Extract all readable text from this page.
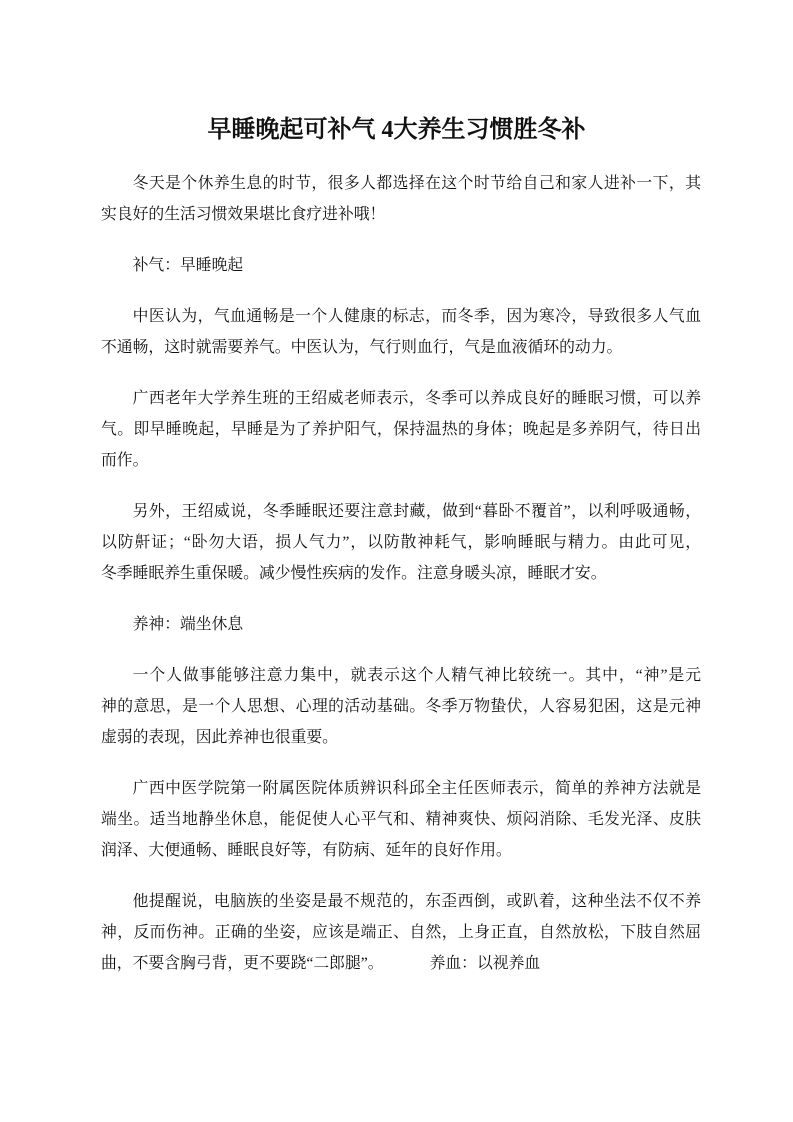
早睡晚起可补气 4大养生习惯胜冬补
冬天是个休养生息的时节，很多人都选择在这个时节给自己和家人进补一下，其
实良好的生活习惯效果堪比食疗进补哦！
补气：早睡晚起
中医认为，气血通畅是一个人健康的标志，而冬季，因为寒冷，导致很多人气血
不通畅，这时就需要养气。中医认为，气行则血行，气是血液循环的动力。
广西老年大学养生班的王绍威老师表示，冬季可以养成良好的睡眠习惯，可以养
气。即早睡晚起，早睡是为了养护阳气，保持温热的身体；晚起是多养阴气，待日出
而作。
另外，王绍威说，冬季睡眠还要注意封藏，做到“暮卧不覆首”，以利呼吸通畅，
以防鼾证；“卧勿大语，损人气力”，以防散神耗气，影响睡眠与精力。由此可见，
冬季睡眠养生重保暖。减少慢性疾病的发作。注意身暖头凉，睡眠才安。
养神：端坐休息
一个人做事能够注意力集中，就表示这个人精气神比较统一。其中，“神”是元
神的意思，是一个人思想、心理的活动基础。冬季万物蛰伏，人容易犯困，这是元神
虚弱的表现，因此养神也很重要。
广西中医学院第一附属医院体质辨识科邱全主任医师表示，简单的养神方法就是
端坐。适当地静坐休息，能促使人心平气和、精神爽快、烦闷消除、毛发光泽、皮肤
润泽、大便通畅、睡眠良好等，有防病、延年的良好作用。
他提醒说，电脑族的坐姿是最不规范的，东歪西倒，或趴着，这种坐法不仅不养
神，反而伤神。正确的坐姿，应该是端正、自然，上身正直，自然放松，下肢自然屈
曲，不要含胸弓背，更不要跷“二郎腿”。	养血：以视养血
